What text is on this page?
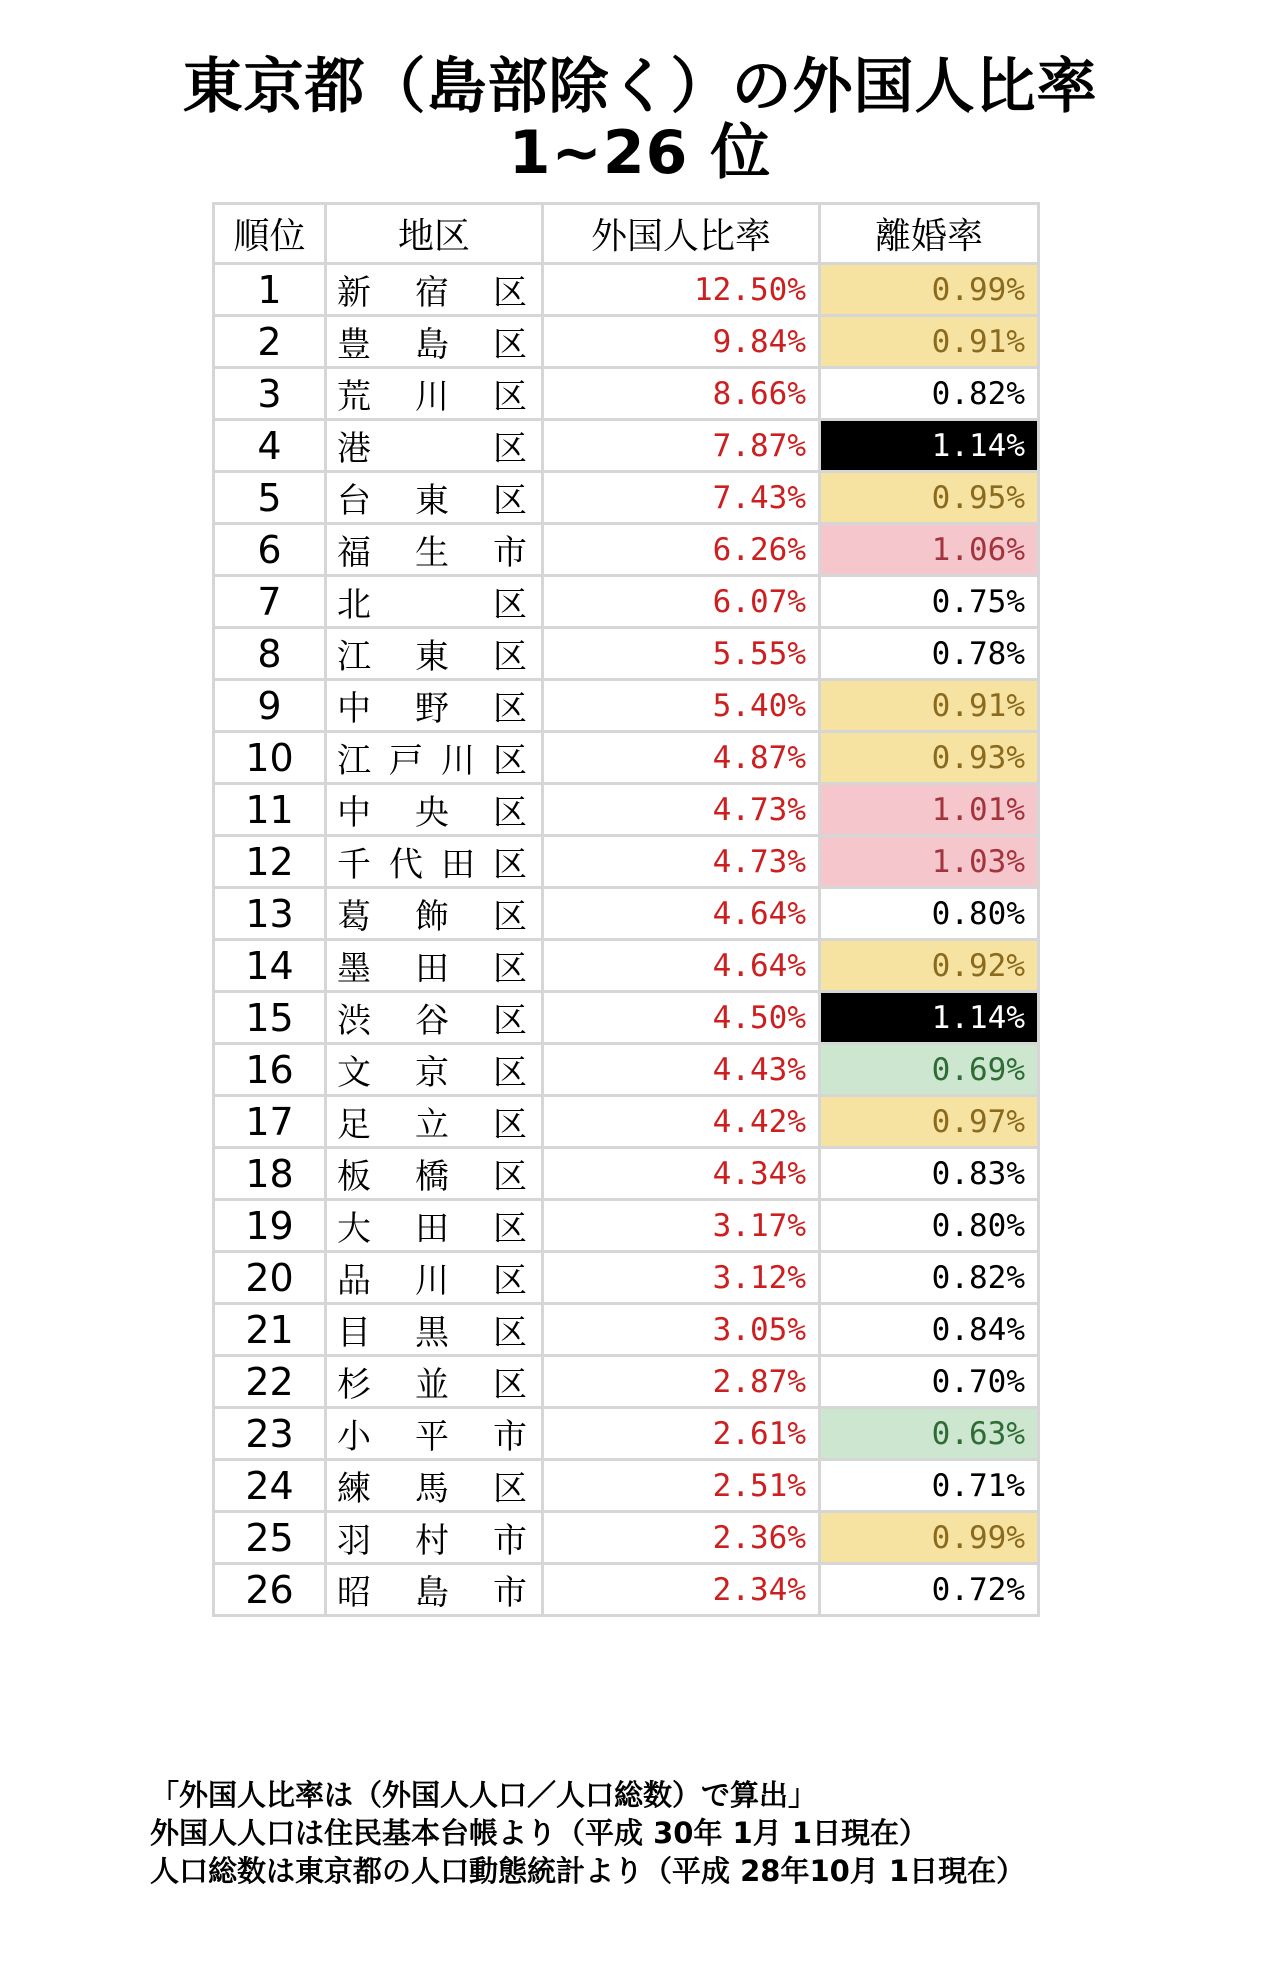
東京都（島部除く）の外国人比率
1~26 位
順位	地区	外国人比率	離婚率
1	新 宿 区	12.50%	0.99%
2	豊 島 区	9.84%	0.91%
3	荒 川 区	8.66%	0.82%
4	港 区	7.87%	1.14%
5	台 東 区	7.43%	0.95%
6	福 生 市	6.26%	1.06%
7	北 区	6.07%	0.75%
8	江 東 区	5.55%	0.78%
9	中 野 区	5.40%	0.91%
10	江 戸 川 区	4.87%	0.93%
11	中 央 区	4.73%	1.01%
12	千 代 田 区	4.73%	1.03%
13	葛 飾 区	4.64%	0.80%
14	墨 田 区	4.64%	0.92%
15	渋 谷 区	4.50%	1.14%
16	文 京 区	4.43%	0.69%
17	足 立 区	4.42%	0.97%
18	板 橋 区	4.34%	0.83%
19	大 田 区	3.17%	0.80%
20	品 川 区	3.12%	0.82%
21	目 黒 区	3.05%	0.84%
22	杉 並 区	2.87%	0.70%
23	小 平 市	2.61%	0.63%
24	練 馬 区	2.51%	0.71%
25	羽 村 市	2.36%	0.99%
26	昭 島 市	2.34%	0.72%
「外国人比率は（外国人人口／人口総数）で算出」
外国人人口は住民基本台帳より（平成 30年 1月 1日現在）
人口総数は東京都の人口動態統計より（平成 28年10月 1日現在）
